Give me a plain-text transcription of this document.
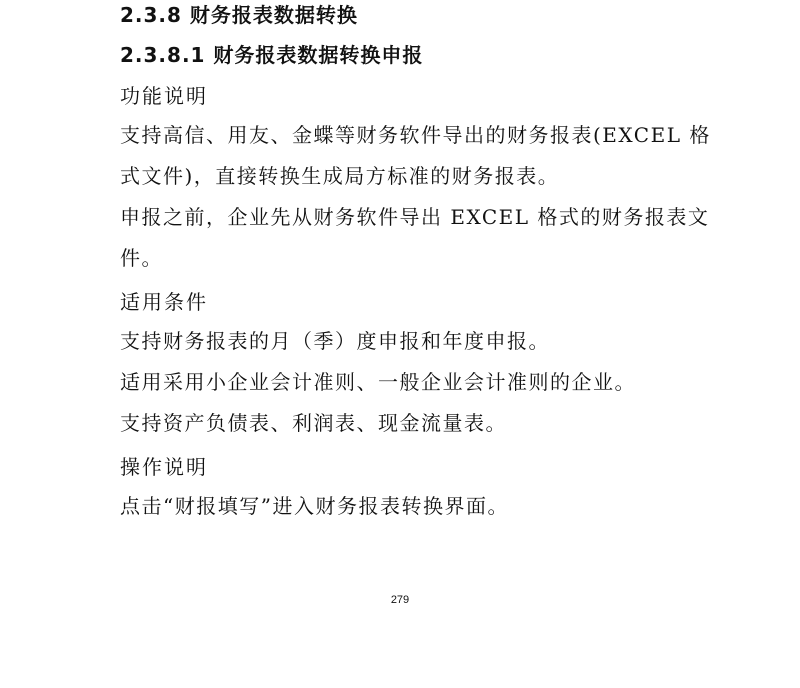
2.3.8 财务报表数据转换
2.3.8.1 财务报表数据转换申报
功能说明
支持高信、用友、金蝶等财务软件导出的财务报表(EXCEL 格
式文件)，直接转换生成局方标准的财务报表。
申报之前，企业先从财务软件导出 EXCEL 格式的财务报表文
件。
适用条件
支持财务报表的月（季）度申报和年度申报。
适用采用小企业会计准则、一般企业会计准则的企业。
支持资产负债表、利润表、现金流量表。
操作说明
点击“财报填写”进入财务报表转换界面。
279
